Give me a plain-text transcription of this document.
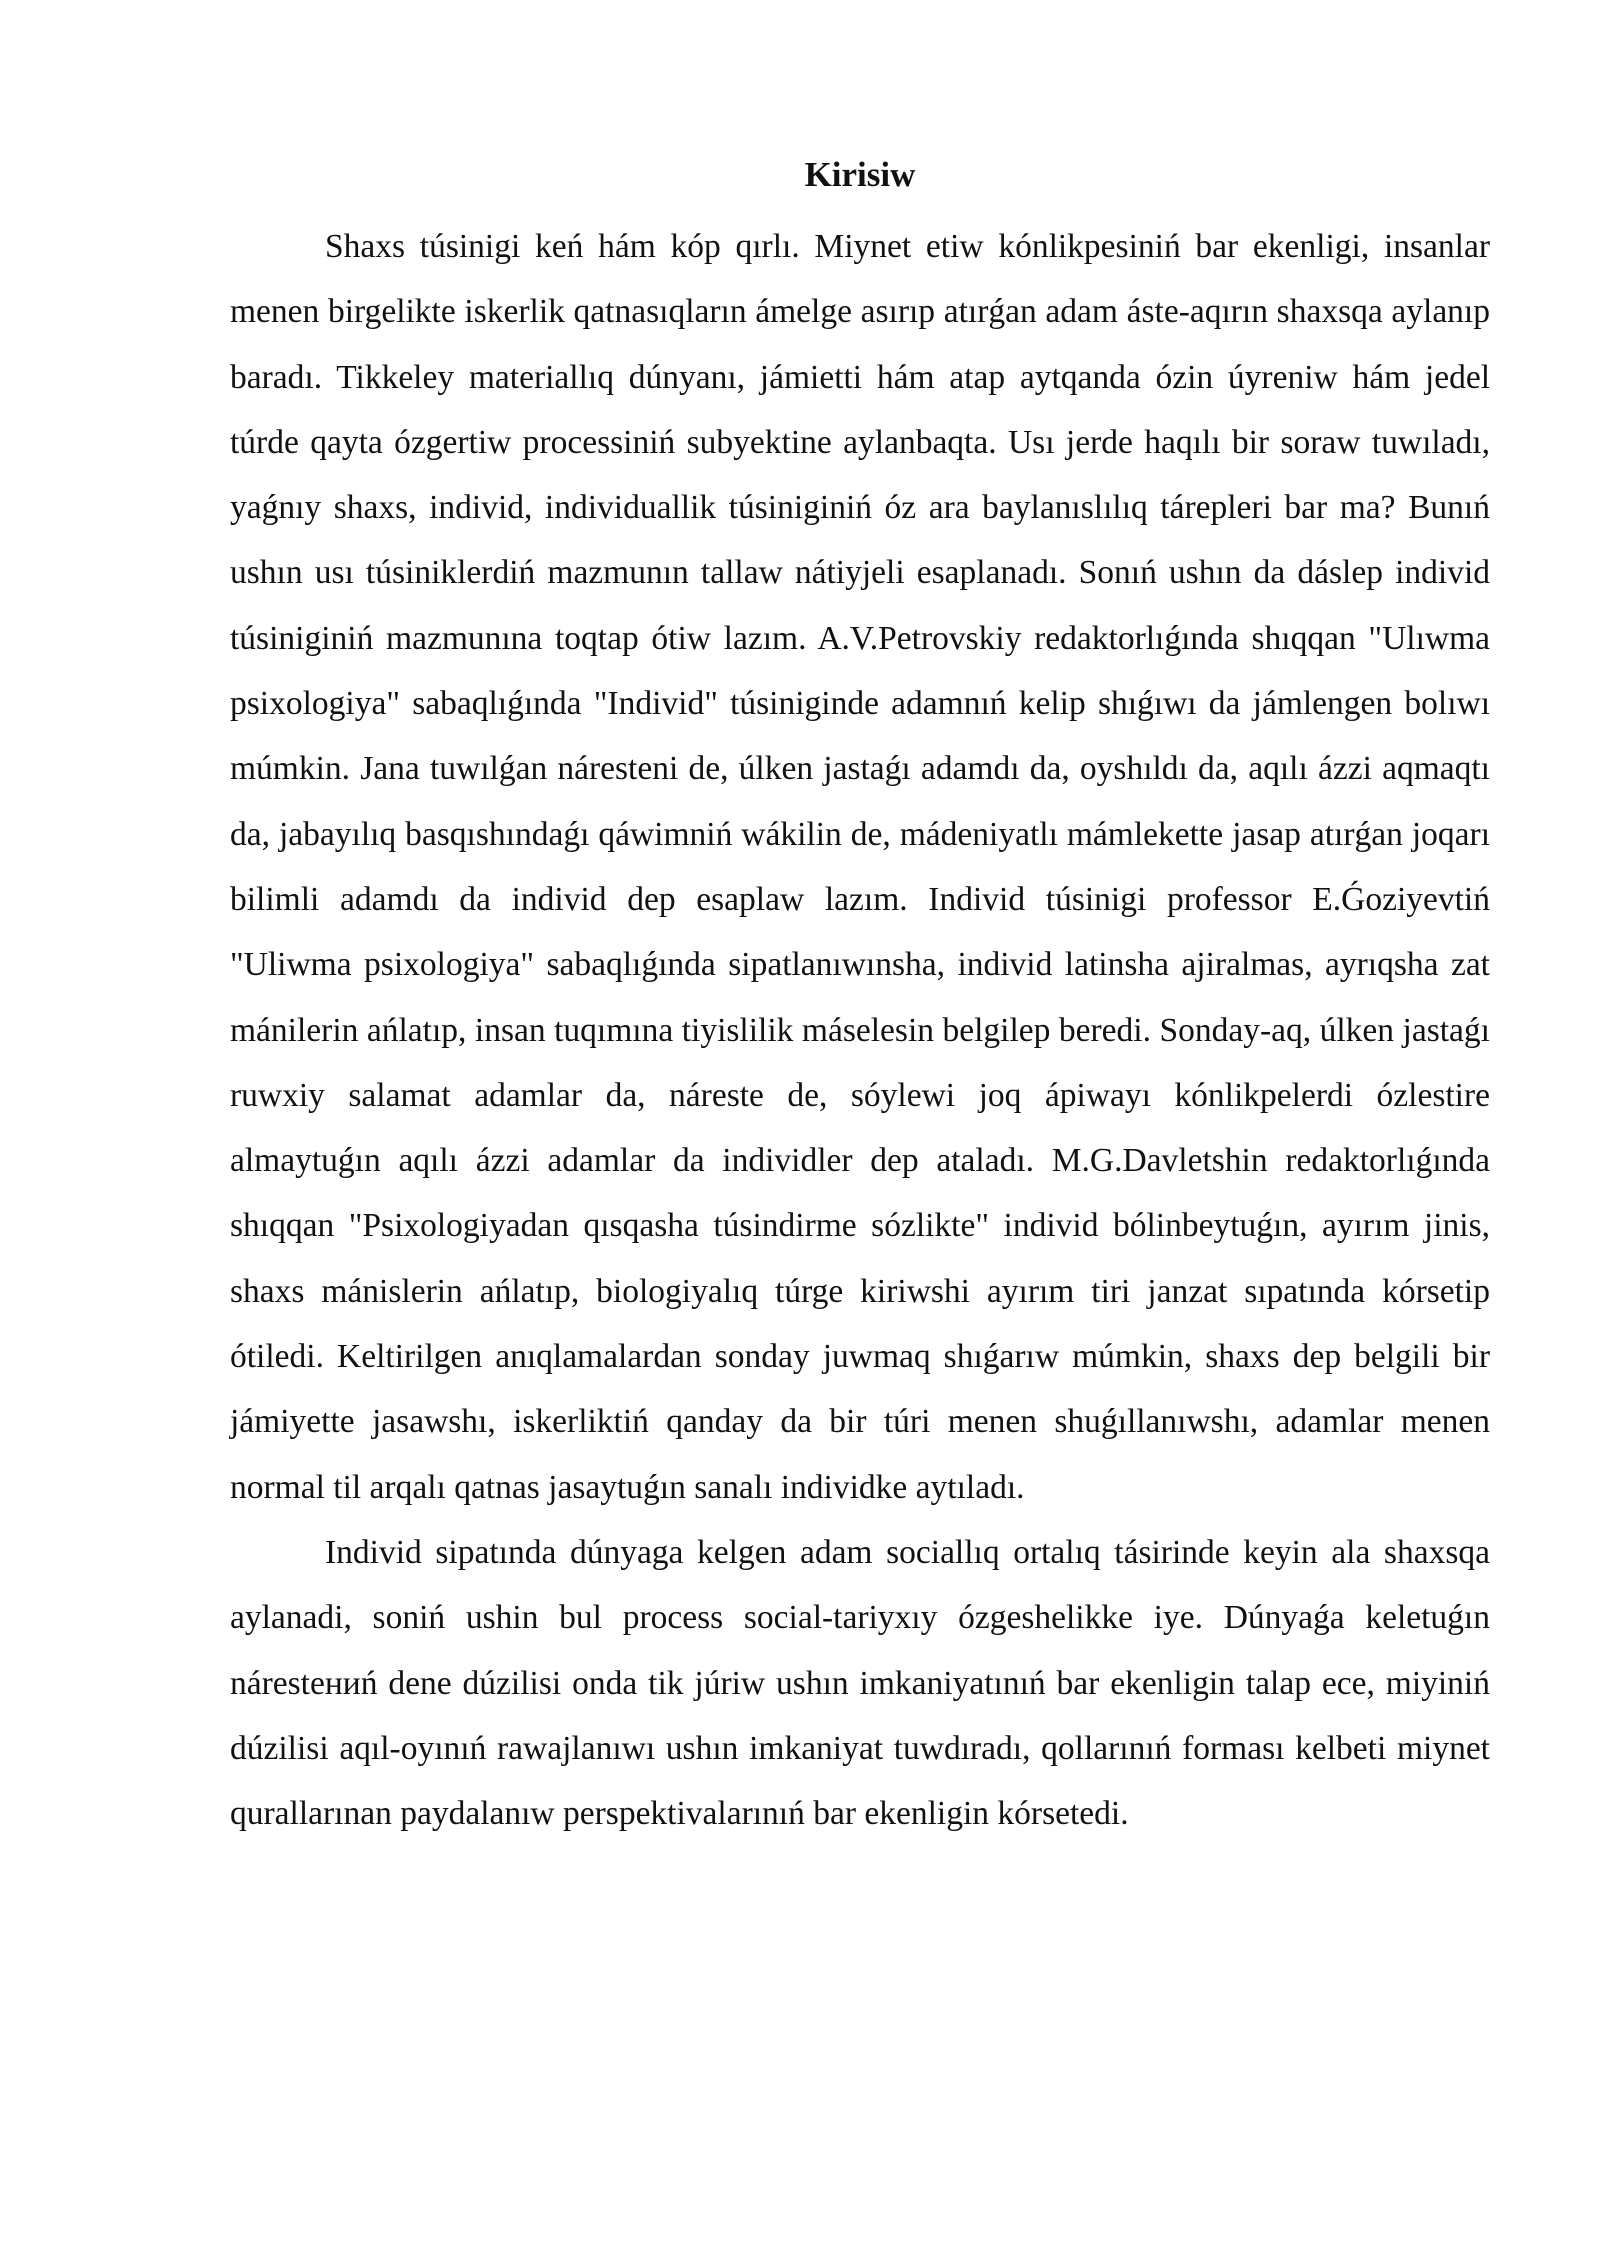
Kirisiw

Shaxs túsinigi keń hám kóp qırlı. Miynet etiw kónlikpesiniń bar ekenligi, insanlar menen birgelikte iskerlik qatnasıqların ámelge asırıp atırǵan adam áste-aqırın shaxsqa aylanıp baradı. Tikkeley materiallıq dúnyanı, jámietti hám atap aytqanda ózin úyreniw hám jedel túrde qayta ózgertiw processiniń subyektine aylanbaqta. Usı jerde haqılı bir soraw tuwıladı, yaǵnıy shaxs, individ, individuallik túsiniginiń óz ara baylanıslılıq tárepleri bar ma? Bunıń ushın usı túsiniklerdiń mazmunın tallaw nátiyjeli esaplanadı. Sonıń ushın da dáslep individ túsiniginiń mazmunına toqtap ótiw lazım. A.V.Petrovskiy redaktorlıǵında shıqqan "Ulıwma psixologiya" sabaqlıǵında "Individ" túsiniginde adamnıń kelip shıǵıwı da jámlengen bolıwı múmkin. Jana tuwılǵan náresteni de, úlken jastaǵı adamdı da, oyshıldı da, aqılı ázzi aqmaqtı da, jabayılıq basqıshındaǵı qáwimniń wákilin de, mádeniyatlı mámlekette jasap atırǵan joqarı bilimli adamdı da individ dep esaplaw lazım. Individ túsinigi professor E.Ǵoziyevtiń "Uliwma psixologiya" sabaqlıǵında sipatlanıwınsha, individ latinsha ajiralmas, ayrıqsha zat mánilerin ańlatıp, insan tuqımına tiyislilik máselesin belgilep beredi. Sonday-aq, úlken jastaǵı ruwxiy salamat adamlar da, náreste de, sóylewi joq ápiwayı kónlikpelerdi ózlestire almaytuǵın aqılı ázzi adamlar da individler dep ataladı. M.G.Davletshin redaktorlıǵında shıqqan "Psixologiyadan qısqasha túsindirme sózlikte" individ bólinbeytuǵın, ayırım jinis, shaxs mánislerin ańlatıp, biologiyalıq túrge kiriwshi ayırım tiri janzat sıpatında kórsetip ótiledi. Keltirilgen anıqlamalardan sonday juwmaq shıǵarıw múmkin, shaxs dep belgili bir jámiyette jasawshı, iskerliktiń qanday da bir túri menen shuǵıllanıwshı, adamlar menen normal til arqalı qatnas jasaytuǵın sanalı individke aytıladı.

Individ sipatında dúnyaga kelgen adam sociallıq ortalıq tásirinde keyin ala shaxsqa aylanadi, soniń ushin bul process social-tariyxıy ózgeshelikke iye. Dúnyaǵa keletuǵın nárestениń dene dúzilisi onda tik júriw ushın imkaniyatınıń bar ekenligin talap ece, miyiniń dúzilisi aqıl-oyınıń rawajlanıwı ushın imkaniyat tuwdıradı, qollarınıń forması kelbeti miynet qurallarınan paydalanıw perspektivalarınıń bar ekenligin kórsetedi.
